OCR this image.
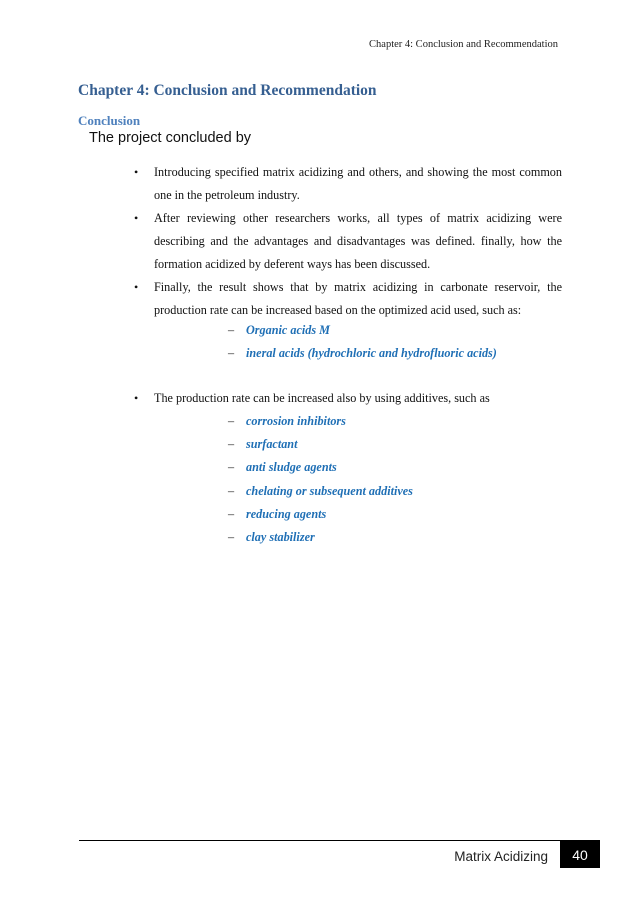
Chapter 4: Conclusion and Recommendation
Chapter 4: Conclusion and Recommendation
Conclusion

The project concluded by

• Introducing specified matrix acidizing and others, and showing the most common one in the petroleum industry.
• After reviewing other researchers works, all types of matrix acidizing were describing and the advantages and disadvantages was defined. finally, how the formation acidized by deferent ways has been discussed.
• Finally, the result shows that by matrix acidizing in carbonate reservoir, the production rate can be increased based on the optimized acid used, such as:
– Organic acids M
– ineral acids (hydrochloric and hydrofluoric acids)
• The production rate can be increased also by using additives, such as
– corrosion inhibitors
– surfactant
– anti sludge agents
– chelating or subsequent additives
– reducing agents
– clay stabilizer
Matrix Acidizing	40
